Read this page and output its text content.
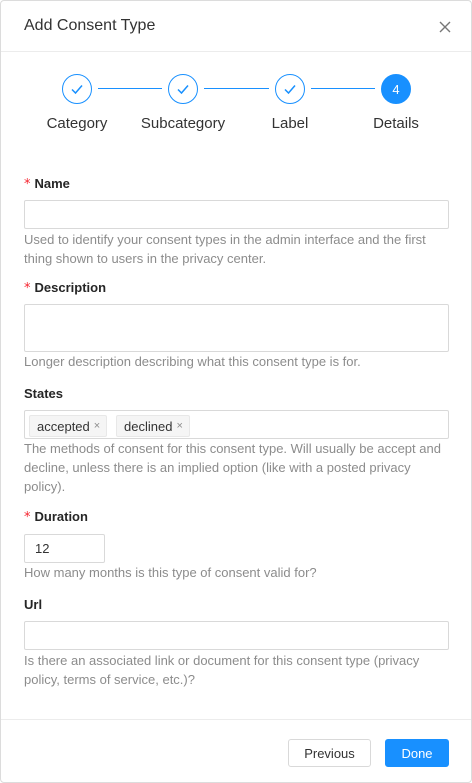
Add Consent Type
4
Category	Subcategory	Label	Details
* Name
Used to identify your consent types in the admin interface and the first thing shown to users in the privacy center.
* Description
Longer description describing what this consent type is for.
States
accepted × declined ×
The methods of consent for this consent type. Will usually be accept and decline, unless there is an implied option (like with a posted privacy policy).
* Duration
12
How many months is this type of consent valid for?
Url
Is there an associated link or document for this consent type (privacy policy, terms of service, etc.)?
Previous	Done
